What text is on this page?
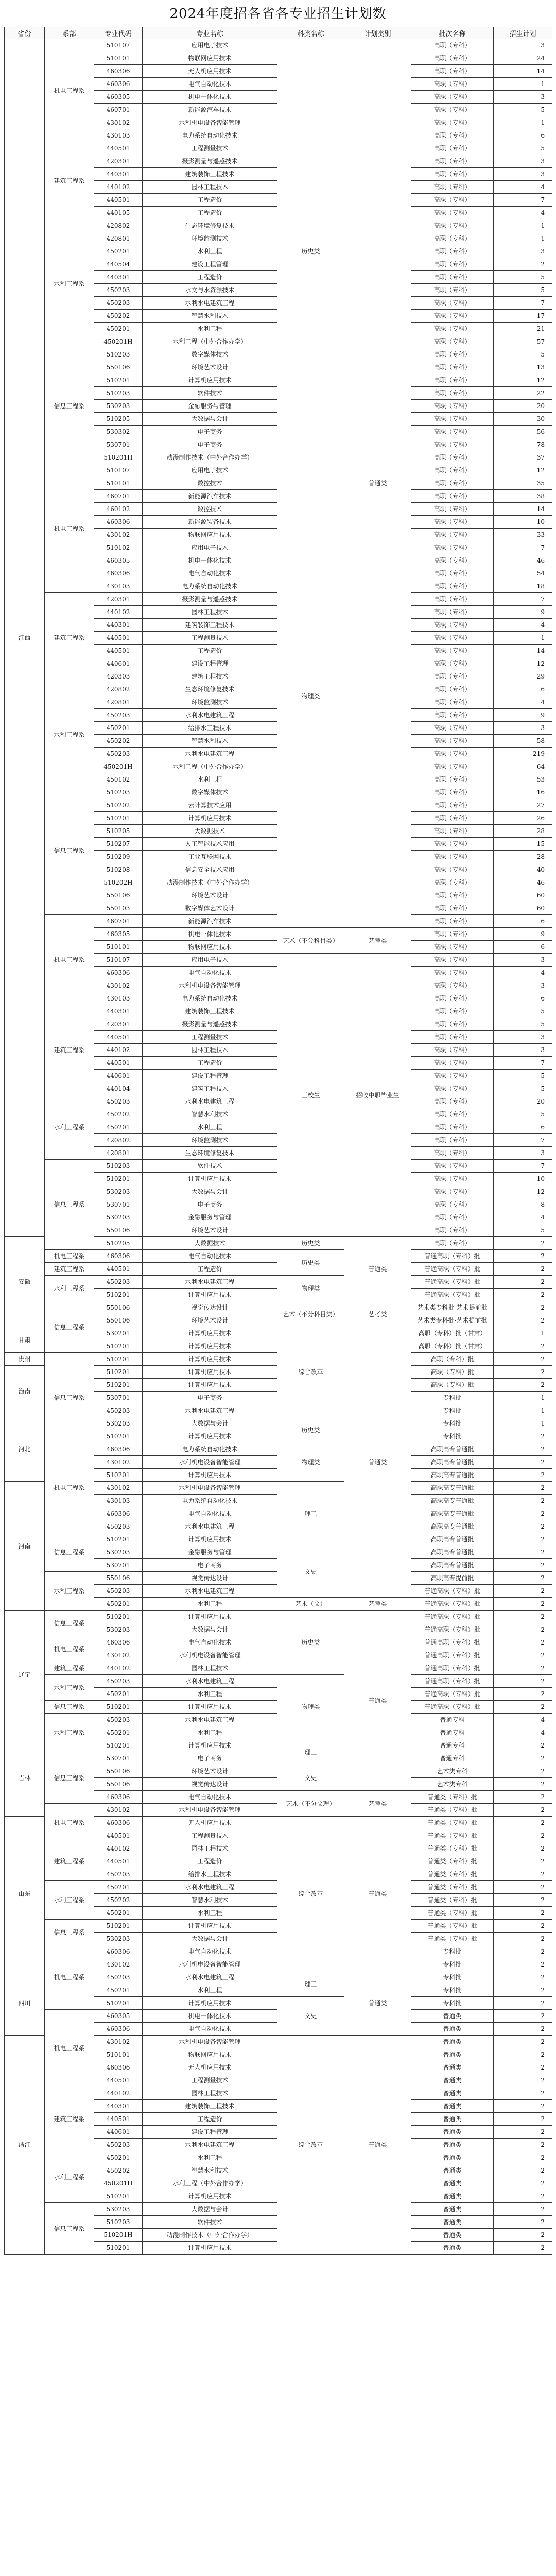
2024年度招各省各专业招生计划数
省份	系部	专业代码	专业名称	科类名称	计划类别	批次名称	招生计划
江西	机电工程系	510107	应用电子技术	历史类	普通类	高职（专科）	3
		510101	物联网应用技术			高职（专科）	24
		460306	无人机应用技术			高职（专科）	14
		460306	电气自动化技术			高职（专科）	1
		460305	机电一体化技术			高职（专科）	3
		460701	新能源汽车技术			高职（专科）	5
		430102	水利机电设备智能管理			高职（专科）	1
		430103	电力系统自动化技术			高职（专科）	6
	建筑工程系	440501	工程测量技术			高职（专科）	5
		420301	摄影测量与遥感技术			高职（专科）	3
		440301	建筑装饰工程技术			高职（专科）	3
		440102	园林工程技术			高职（专科）	4
		440501	工程造价			高职（专科）	7
		440105	工程造价			高职（专科）	4
	水利工程系	420802	生态环境修复技术			高职（专科）	1
		420801	环境监测技术			高职（专科）	1
		450201	水利工程			高职（专科）	3
		440504	建设工程管理			高职（专科）	2
		440301	工程造价			高职（专科）	5
		450203	水文与水资源技术			高职（专科）	5
		450203	水利水电建筑工程			高职（专科）	7
		450202	智慧水利技术			高职（专科）	17
		450201	水利工程			高职（专科）	21
		450201H	水利工程（中外合作办学）			高职（专科）	57
	信息工程系	510203	数字媒体技术			高职（专科）	5
		550106	环境艺术设计			高职（专科）	13
		510201	计算机应用技术			高职（专科）	12
		510203	软件技术			高职（专科）	22
		530203	金融服务与管理			高职（专科）	20
		510205	大数据与会计			高职（专科）	30
		530302	电子商务			高职（专科）	56
		530701	电子商务			高职（专科）	78
		510201H	动漫制作技术（中外合作办学）			高职（专科）	37
	机电工程系	510107	应用电子技术	物理类		高职（专科）	12
		510101	数控技术			高职（专科）	35
		460701	新能源汽车技术			高职（专科）	38
		460102	数控技术			高职（专科）	14
		460306	新能源装备技术			高职（专科）	10
		430102	物联网应用技术			高职（专科）	33
		510102	应用电子技术			高职（专科）	7
		460305	机电一体化技术			高职（专科）	46
		460306	电气自动化技术			高职（专科）	54
		430103	电力系统自动化技术			高职（专科）	18
	建筑工程系	420301	摄影测量与遥感技术			高职（专科）	7
		440102	园林工程技术			高职（专科）	9
		440301	建筑装饰工程技术			高职（专科）	4
		440501	工程测量技术			高职（专科）	1
		440501	工程造价			高职（专科）	14
		440601	建设工程管理			高职（专科）	12
		420303	建筑工程技术			高职（专科）	29
	水利工程系	420802	生态环境修复技术			高职（专科）	6
		420801	环境监测技术			高职（专科）	4
		450203	水利水电建筑工程			高职（专科）	9
		450201	给排水工程技术			高职（专科）	3
		450202	智慧水利技术			高职（专科）	58
		450203	水利水电建筑工程			高职（专科）	219
		450201H	水利工程（中外合作办学）			高职（专科）	64
		450102	水利工程			高职（专科）	53
	信息工程系	510203	数字媒体技术			高职（专科）	16
		510202	云计算技术应用			高职（专科）	27
		510201	计算机应用技术			高职（专科）	26
		510205	大数据技术			高职（专科）	28
		510207	人工智能技术应用			高职（专科）	15
		510209	工业互联网技术			高职（专科）	28
		510208	信息安全技术应用			高职（专科）	40
		510202H	动漫制作技术（中外合作办学）			高职（专科）	46
		550106	环境艺术设计			高职（专科）	60
		550103	数字媒体艺术设计			高职（专科）	60
	机电工程系	460701	新能源汽车技术			高职（专科）	6
		460305	机电一体化技术	艺术（不分科目类）	艺考类	高职（专科）	9
		510101	物联网应用技术			高职（专科）	6
		510107	应用电子技术	三校生	招收中职毕业生	高职（专科）	3
		460306	电气自动化技术			高职（专科）	4
		430102	水利机电设备智能管理			高职（专科）	3
		430103	电力系统自动化技术			高职（专科）	6
	建筑工程系	440301	建筑装饰工程技术			高职（专科）	5
		420301	摄影测量与遥感技术			高职（专科）	5
		440501	工程测量技术			高职（专科）	3
		440102	园林工程技术			高职（专科）	3
		440501	工程造价			高职（专科）	7
		440601	建设工程管理			高职（专科）	5
		440104	建筑工程技术			高职（专科）	5
	水利工程系	450203	水利水电建筑工程			高职（专科）	20
		450202	智慧水利技术			高职（专科）	5
		450201	水利工程			高职（专科）	6
		420802	环境监测技术			高职（专科）	7
		420801	生态环境修复技术			高职（专科）	3
	信息工程系	510203	软件技术			高职（专科）	7
		510201	计算机应用技术			高职（专科）	10
		530203	大数据与会计			高职（专科）	12
		530701	电子商务			高职（专科）	8
		530203	金融服务与管理			高职（专科）	4
		550106	环境艺术设计			高职（专科）	5
安徽		510205	大数据技术	历史类	普通类	高职（专科）	2
	机电工程系	460306	电气自动化技术	历史类		普通高职（专科）批	2
	建筑工程系	440501	工程造价			普通高职（专科）批	2
	水利工程系	450203	水利水电建筑工程	物理类		普通高职（专科）批	2
		510201	计算机应用技术			普通高职（专科）批	2
	信息工程系	550106	视觉传达设计	艺术（不分科目类）	艺考类	艺术类专科批-艺术提前批	2
		550106	环境艺术设计			艺术类专科批-艺术提前批	2
甘肃		530201	计算机应用技术	综合改革	普通类	高职（专科）批（甘肃）	1
		510201	计算机应用技术			高职（专科）批（甘肃）	2
贵州	信息工程系	510201	计算机应用技术			高职（专科）批	2
海南		510201	计算机应用技术			高职（专科）批	2
		510201	计算机应用技术			高职（专科）批	2
		530701	电子商务			专科批	1
		450203	水利水电建筑工程			专科批	1
河北		530203	大数据与会计	历史类		专科批	1
		510201	计算机应用技术			专科批	2
	机电工程系	460306	电力系统自动化技术	物理类		高职高专普通批	2
		430102	水利机电设备智能管理			高职高专普通批	2
		510201	计算机应用技术			高职高专普通批	2
河南		430102	水利机电设备智能管理	理工		高职高专普通批	2
		430103	电力系统自动化技术			高职高专普通批	2
		460306	电气自动化技术			高职高专普通批	2
		450203	水利水电建筑工程			高职高专普通批	2
	信息工程系	510201	计算机应用技术			高职高专普通批	2
		530203	金融服务与管理	文史		高职高专普通批	2
		530701	电子商务			高职高专普通批	2
	水利工程系	550106	视觉传达设计			高职高专提前批	2
		450203	水利水电建筑工程			普通高职（专科）批	2
		450201	水利工程	艺术（文）	艺考类	普通高职（专科）批	2
辽宁	信息工程系	510201	计算机应用技术	历史类	普通类	普通高职（专科）批	2
		530203	大数据与会计			普通高职（专科）批	2
	机电工程系	460306	电气自动化技术			普通高职（专科）批	2
		430102	水利机电设备智能管理			普通高职（专科）批	2
	建筑工程系	440102	园林工程技术			普通高职（专科）批	2
	水利工程系	450203	水利水电建筑工程	物理类		普通高职（专科）批	2
		450201	水利工程			普通高职（专科）批	2
	信息工程系	510201	计算机应用技术			普通高职（专科）批	2
	水利工程系	450203	水利水电建筑工程			普通专科	4
		450201	水利工程			普通专科	4
吉林		510201	计算机应用技术	理工		普通专科	2
	信息工程系	530701	电子商务			普通专科	2
		550106	环境艺术设计	文史		艺术类专科	2
		550106	视觉传达设计			艺术类专科	2
		460306	电气自动化技术	艺术（不分文理）	艺考类	普通类（专科）批	2
	机电工程系	430102	水利机电设备智能管理			普通类（专科）批	2
山东		460306	无人机应用技术	综合改革	普通类	普通类（专科）批	2
		440501	工程测量技术			普通类（专科）批	2
	建筑工程系	440102	园林工程技术			普通类（专科）批	2
		440501	工程造价			普通类（专科）批	2
		450203	给排水工程技术			普通类（专科）批	2
	水利工程系	450201	水利水电建筑工程			普通类（专科）批	2
		450202	智慧水利技术			普通类（专科）批	2
		450201	水利工程			普通类（专科）批	2
	信息工程系	510201	计算机应用技术			普通类（专科）批	2
		530203	大数据与会计			普通类（专科）批	2
	机电工程系	460306	电气自动化技术			专科批	2
		430102	水利机电设备智能管理			专科批	2
四川		450203	水利水电建筑工程	理工	普通类	专科批	2
		450201	水利工程			专科批	2
		510201	计算机应用技术	文史		专科批	2
	机电工程系	460305	机电一体化技术			普通类	2
		460306	电气自动化技术			普通类	2
浙江		430102	水利机电设备智能管理	综合改革	普通类	普通类	2
		510101	物联网应用技术			普通类	2
		460306	无人机应用技术			普通类	2
		440501	工程测量技术			普通类	2
	建筑工程系	440102	园林工程技术			普通类	2
		440301	建筑装饰工程技术			普通类	2
		440501	工程造价			普通类	2
		440601	建设工程管理			普通类	2
		450203	水利水电建筑工程			普通类	2
	水利工程系	450201	水利工程			普通类	2
		450202	智慧水利技术			普通类	2
		450201H	水利工程（中外合作办学）			普通类	2
		510201	计算机应用技术			普通类	2
	信息工程系	530203	大数据与会计			普通类	2
		510203	软件技术			普通类	2
		510201H	动漫制作技术（中外合作办学）			普通类	2
		510201	计算机应用技术			普通类	2
